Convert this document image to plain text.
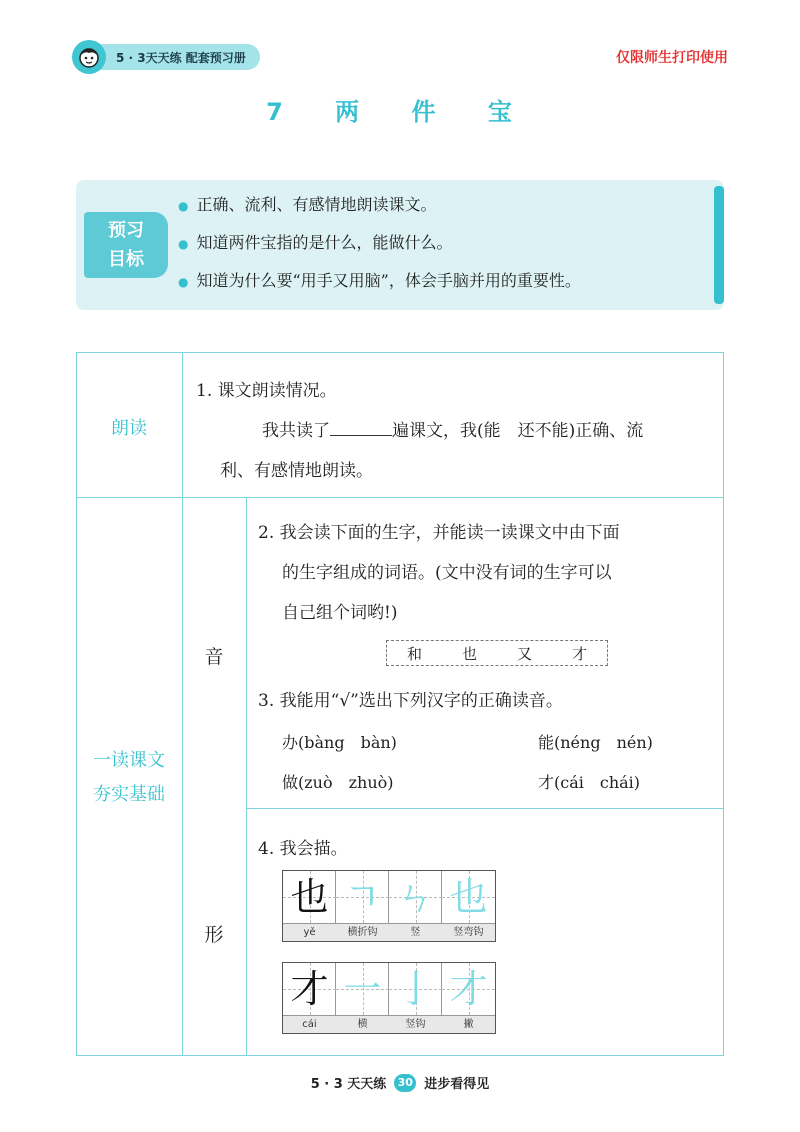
5 · 3天天练 配套预习册	仅限师生打印使用
7 两 件 宝
预习
目标
● 正确、流利、有感情地朗读课文。
● 知道两件宝指的是什么，能做什么。
● 知道为什么要“用手又用脑”，体会手脑并用的重要性。
朗读
1. 课文朗读情况。
我共读了	遍课文，我(能　还不能)正确、流
利、有感情地朗读。
一读课文
夯实基础
音
2. 我会读下面的生字，并能读一读课文中由下面
的生字组成的词语。(文中没有词的生字可以
自己组个词哟!)
和	也	又	才
3. 我能用“√”选出下列汉字的正确读音。
办(bàng　bàn)	能(néng　nén)
做(zuò　zhuò)	才(cái　chái)
形
4. 我会描。
也
yě
ㄱ
横折钩
ㄣ
竖
也
竖弯钩
才
cái
一
横
亅
竖钩
才
撇
5 · 3 天天练	30 进步看得见
